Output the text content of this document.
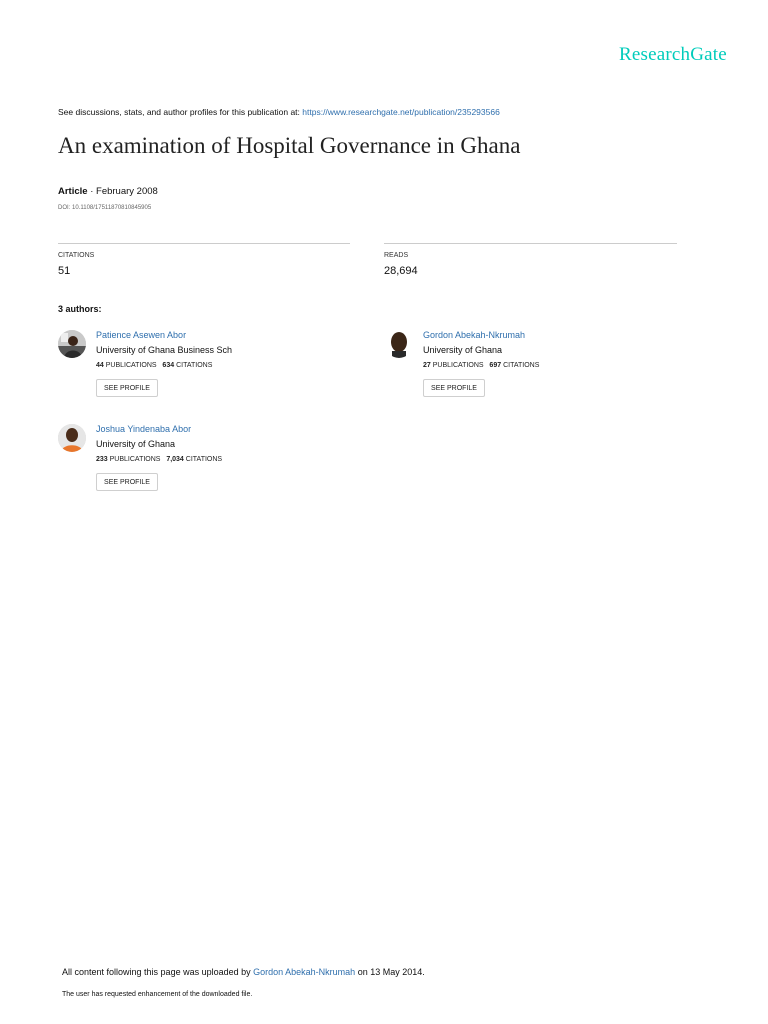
ResearchGate
See discussions, stats, and author profiles for this publication at: https://www.researchgate.net/publication/235293566
An examination of Hospital Governance in Ghana
Article · February 2008
DOI: 10.1108/17511870810845905
CITATIONS
51
READS
28,694
3 authors:
Patience Asewen Abor
University of Ghana Business Sch
44 PUBLICATIONS 634 CITATIONS
SEE PROFILE
Gordon Abekah-Nkrumah
University of Ghana
27 PUBLICATIONS 697 CITATIONS
SEE PROFILE
Joshua Yindenaba Abor
University of Ghana
233 PUBLICATIONS 7,034 CITATIONS
SEE PROFILE
All content following this page was uploaded by Gordon Abekah-Nkrumah on 13 May 2014.
The user has requested enhancement of the downloaded file.
